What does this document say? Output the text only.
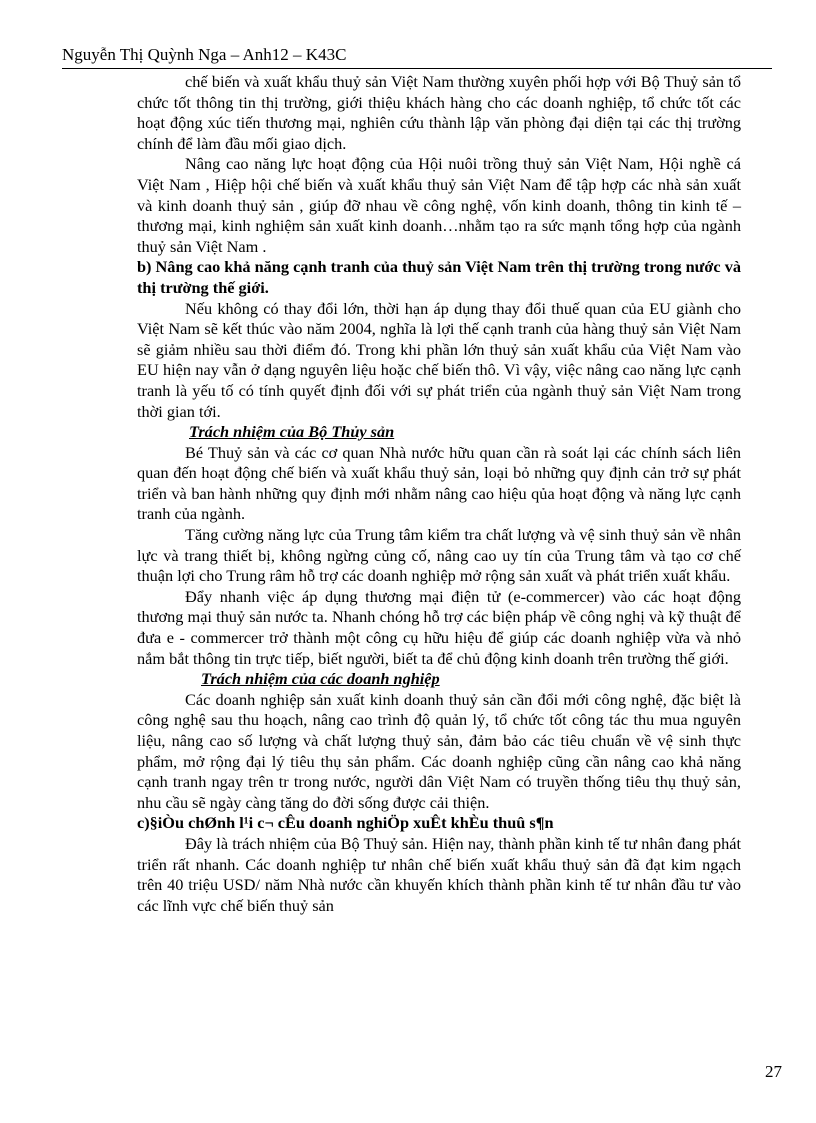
Nguyễn Thị Quỳnh Nga – Anh12 – K43C

chế biến và xuất khẩu thuỷ sản Việt Nam thường xuyên phối hợp với Bộ Thuỷ sản tổ chức tốt thông tin thị trường, giới thiệu khách hàng cho các doanh nghiệp, tổ chức tốt các hoạt động xúc tiến thương mại, nghiên cứu thành lập văn phòng đại diện tại các thị trường chính để làm đầu mối giao dịch.

Nâng cao năng lực hoạt động của Hội nuôi trồng thuỷ sản Việt Nam, Hội nghề cá Việt Nam , Hiệp hội chế biến và xuất khẩu thuỷ sản Việt Nam để tập hợp các nhà sản xuất và kinh doanh thuỷ sản , giúp đỡ nhau về công nghệ, vốn kinh doanh, thông tin kinh tế – thương mại, kinh nghiệm sản xuất kinh doanh…nhằm tạo ra sức mạnh tổng hợp của ngành thuỷ sản Việt Nam .

b) Nâng cao khả năng cạnh tranh của thuỷ sản Việt Nam trên thị trường trong nước và thị trường thế giới.

Nếu không có thay đổi lớn, thời hạn áp dụng thay đổi thuế quan của EU giành cho Việt Nam sẽ kết thúc vào năm 2004, nghĩa là lợi thế cạnh tranh của hàng thuỷ sản Việt Nam sẽ giảm nhiều sau thời điểm đó. Trong khi phần lớn thuỷ sản xuất khẩu của Việt Nam vào EU hiện nay vẫn ở dạng nguyên liệu hoặc chế biến thô. Vì vậy, việc nâng cao năng lực cạnh tranh là yếu tố có tính quyết định đối với sự phát triển của ngành thuỷ sản Việt Nam trong thời gian tới.

Trách nhiệm của Bộ Thủy sản

Bé Thuỷ sản và các cơ quan Nhà nước hữu quan cần rà soát lại các chính sách liên quan đến hoạt động chế biến và xuất khẩu thuỷ sản, loại bỏ những quy định cản trở sự phát triển và ban hành những quy định mới nhằm nâng cao hiệu qủa hoạt động và năng lực cạnh tranh của ngành.

Tăng cường năng lực của Trung tâm kiểm tra chất lượng và vệ sinh thuỷ sản về nhân lực và trang thiết bị, không ngừng củng cố, nâng cao uy tín của Trung tâm và tạo cơ chế thuận lợi cho Trung râm hỗ trợ các doanh nghiệp mở rộng sản xuất và phát triển xuất khẩu.

Đẩy nhanh việc áp dụng thương mại điện tử (e-commercer) vào các hoạt động thương mại thuỷ sản nước ta. Nhanh chóng hỗ trợ các biện pháp về công nghị và kỹ thuật để đưa e - commercer trở thành một công cụ hữu hiệu để giúp các doanh nghiệp vừa và nhỏ nắm bắt thông tin trực tiếp, biết người, biết ta để chủ động kinh doanh trên trường thế giới.

Trách nhiệm của các doanh nghiệp

Các doanh nghiệp sản xuất kinh doanh thuỷ sản cần đổi mới công nghệ, đặc biệt là công nghệ sau thu hoạch, nâng cao trình độ quản lý, tổ chức tốt công tác thu mua nguyên liệu, nâng cao số lượng và chất lượng thuỷ sản, đảm bảo các tiêu chuẩn về vệ sinh thực phẩm, mở rộng đại lý tiêu thụ sản phẩm. Các doanh nghiệp cũng cần nâng cao khả năng cạnh tranh ngay trên tr trong nước, người dân Việt Nam có truyền thống tiêu thụ thuỷ sản, nhu cầu sẽ ngày càng tăng do đời sống được cải thiện.

c)§iÒu chØnh l¹i c¬ cÊu doanh nghiÖp xuÊt khÈu thuû s¶n

Đây là trách nhiệm của Bộ Thuỷ sản. Hiện nay, thành phần kinh tế tư nhân đang phát triển rất nhanh. Các doanh nghiệp tư nhân chế biến xuất khẩu thuỷ sản đã đạt kim ngạch trên 40 triệu USD/ năm Nhà nước cần khuyến khích thành phần kinh tế tư nhân đầu tư vào các lĩnh vực chế biến thuỷ sản

27
